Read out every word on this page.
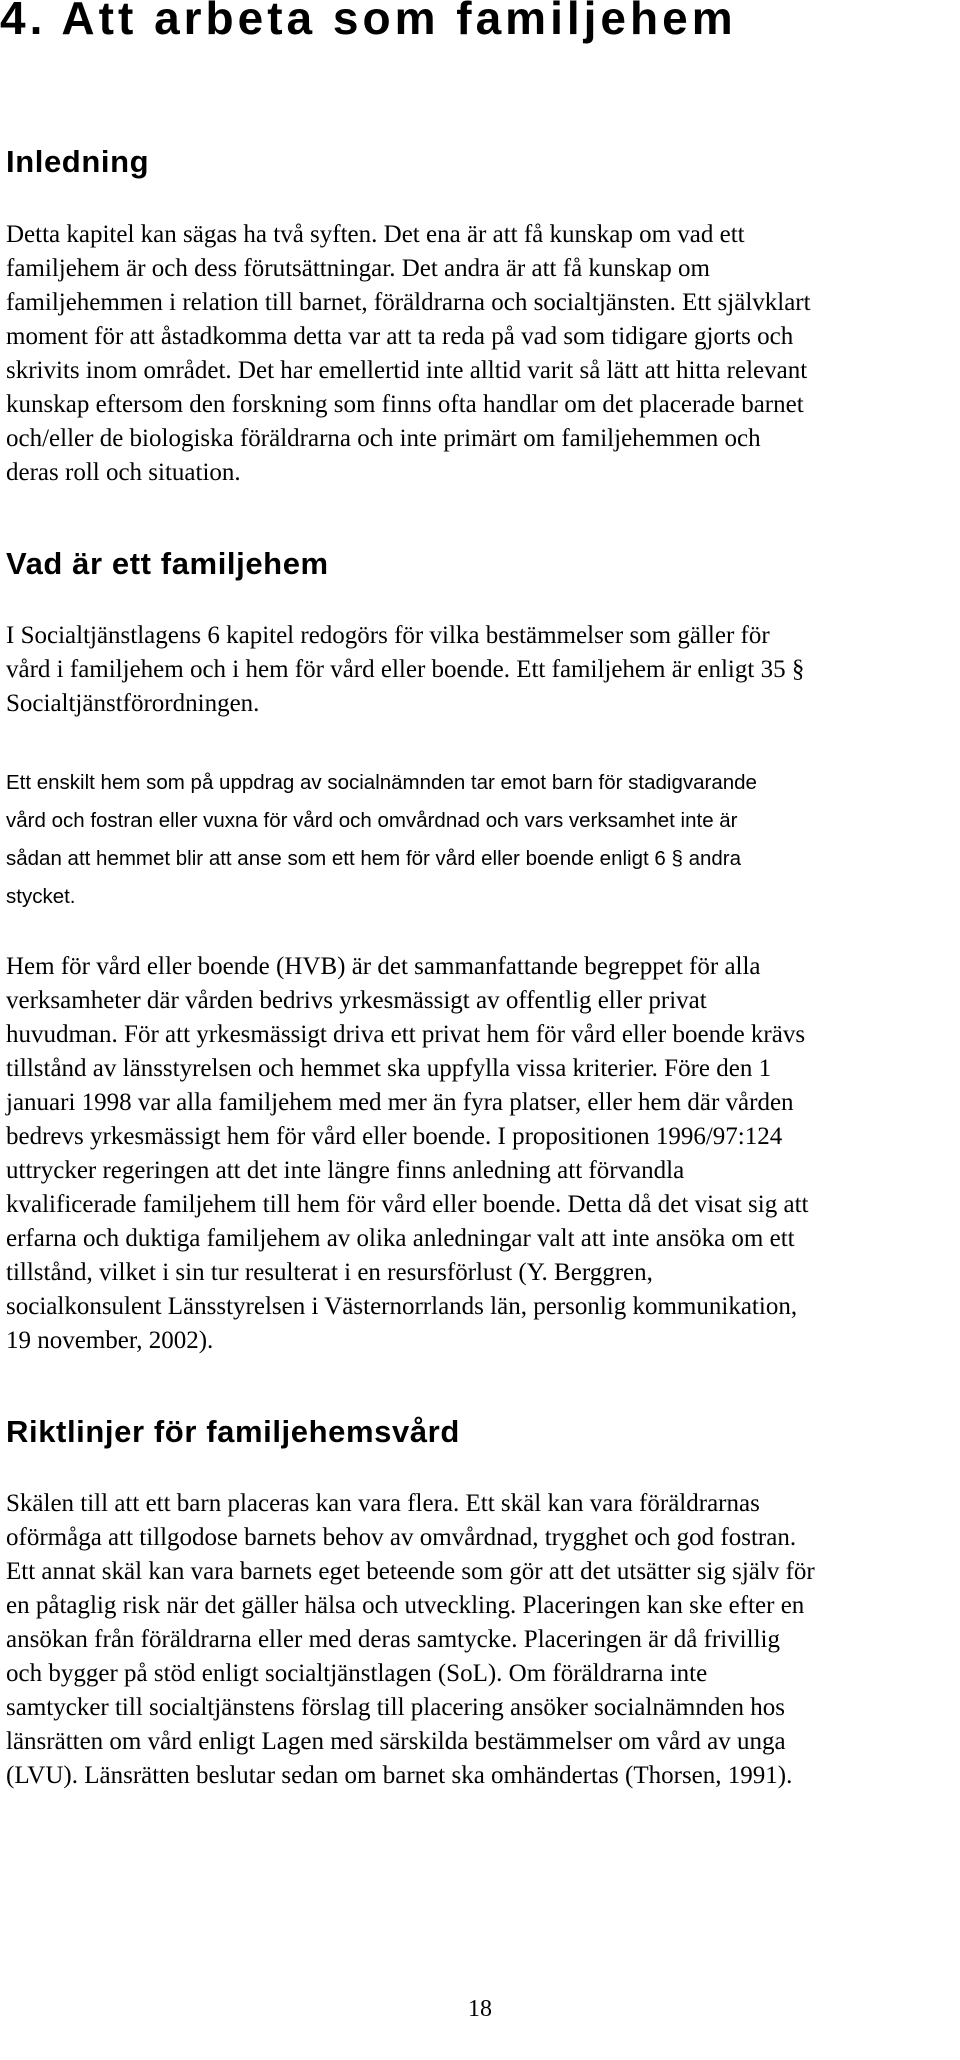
4. Att arbeta som familjehem
Inledning

Detta kapitel kan sägas ha två syften. Det ena är att få kunskap om vad ett
familjehem är och dess förutsättningar. Det andra är att få kunskap om
familjehemmen i relation till barnet, föräldrarna och socialtjänsten. Ett självklart
moment för att åstadkomma detta var att ta reda på vad som tidigare gjorts och
skrivits inom området. Det har emellertid inte alltid varit så lätt att hitta relevant
kunskap eftersom den forskning som finns ofta handlar om det placerade barnet
och/eller de biologiska föräldrarna och inte primärt om familjehemmen och
deras roll och situation.

Vad är ett familjehem

I Socialtjänstlagens 6 kapitel redogörs för vilka bestämmelser som gäller för
vård i familjehem och i hem för vård eller boende. Ett familjehem är enligt 35 §
Socialtjänstförordningen.

Ett enskilt hem som på uppdrag av socialnämnden tar emot barn för stadigvarande
vård och fostran eller vuxna för vård och omvårdnad och vars verksamhet inte är
sådan att hemmet blir att anse som ett hem för vård eller boende enligt 6 § andra
stycket.

Hem för vård eller boende (HVB) är det sammanfattande begreppet för alla
verksamheter där vården bedrivs yrkesmässigt av offentlig eller privat
huvudman. För att yrkesmässigt driva ett privat hem för vård eller boende krävs
tillstånd av länsstyrelsen och hemmet ska uppfylla vissa kriterier. Före den 1
januari 1998 var alla familjehem med mer än fyra platser, eller hem där vården
bedrevs yrkesmässigt hem för vård eller boende. I propositionen 1996/97:124
uttrycker regeringen att det inte längre finns anledning att förvandla
kvalificerade familjehem till hem för vård eller boende. Detta då det visat sig att
erfarna och duktiga familjehem av olika anledningar valt att inte ansöka om ett
tillstånd, vilket i sin tur resulterat i en resursförlust (Y. Berggren,
socialkonsulent Länsstyrelsen i Västernorrlands län, personlig kommunikation,
19 november, 2002).

Riktlinjer för familjehemsvård

Skälen till att ett barn placeras kan vara flera. Ett skäl kan vara föräldrarnas
oförmåga att tillgodose barnets behov av omvårdnad, trygghet och god fostran.
Ett annat skäl kan vara barnets eget beteende som gör att det utsätter sig själv för
en påtaglig risk när det gäller hälsa och utveckling. Placeringen kan ske efter en
ansökan från föräldrarna eller med deras samtycke. Placeringen är då frivillig
och bygger på stöd enligt socialtjänstlagen (SoL). Om föräldrarna inte
samtycker till socialtjänstens förslag till placering ansöker socialnämnden hos
länsrätten om vård enligt Lagen med särskilda bestämmelser om vård av unga
(LVU). Länsrätten beslutar sedan om barnet ska omhändertas (Thorsen, 1991).

18
